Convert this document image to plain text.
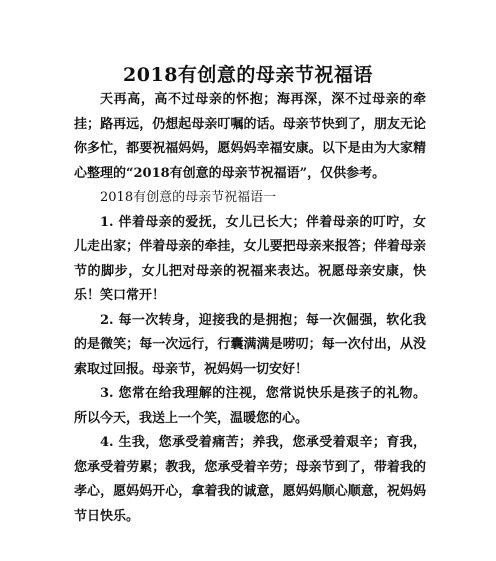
2018有创意的母亲节祝福语

天再高，高不过母亲的怀抱；海再深，深不过母亲的牵挂；路再远，仍想起母亲叮嘱的话。母亲节快到了，朋友无论你多忙，都要祝福妈妈，愿妈妈幸福安康。以下是由为大家精心整理的“2018有创意的母亲节祝福语”，仅供参考。

2018有创意的母亲节祝福语一

1. 伴着母亲的爱抚，女儿已长大；伴着母亲的叮咛，女儿走出家；伴着母亲的牵挂，女儿要把母亲来报答；伴着母亲节的脚步，女儿把对母亲的祝福来表达。祝愿母亲安康，快乐！笑口常开！

2. 每一次转身，迎接我的是拥抱；每一次倔强，软化我的是微笑；每一次远行，行囊满满是唠叨；每一次付出，从没索取过回报。母亲节，祝妈妈一切安好！

3. 您常在给我理解的注视，您常说快乐是孩子的礼物。所以今天，我送上一个笑，温暖您的心。

4. 生我，您承受着痛苦；养我，您承受着艰辛；育我，您承受着劳累；教我，您承受着辛劳；母亲节到了，带着我的孝心，愿妈妈开心，拿着我的诚意，愿妈妈顺心顺意，祝妈妈节日快乐。
